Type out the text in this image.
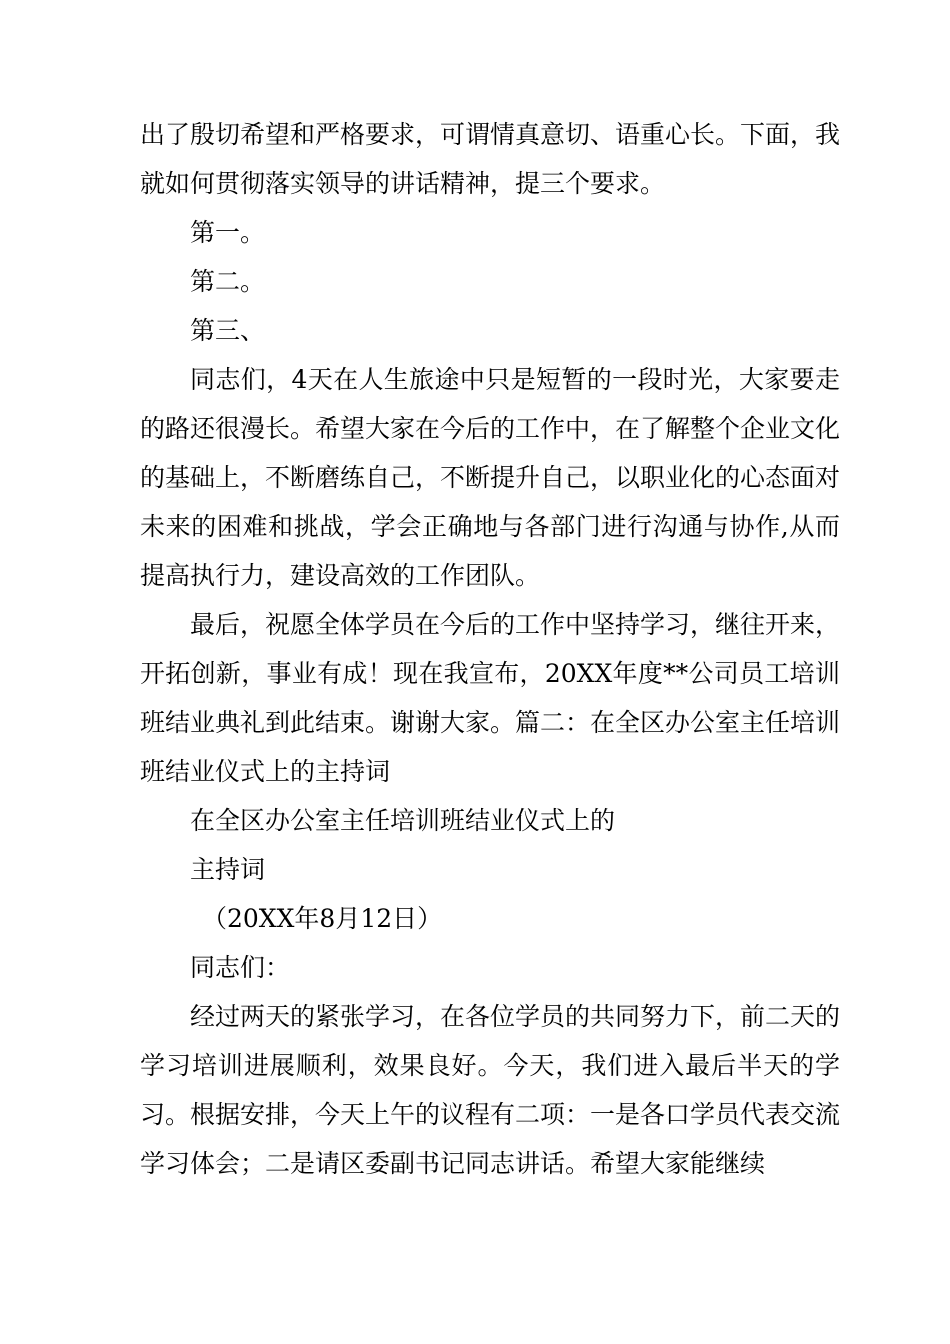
出了殷切希望和严格要求，可谓情真意切、语重心长。下面，我就如何贯彻落实领导的讲话精神，提三个要求。

第一。

第二。

第三、

同志们，4天在人生旅途中只是短暂的一段时光，大家要走的路还很漫长。希望大家在今后的工作中，在了解整个企业文化的基础上，不断磨练自己，不断提升自己，以职业化的心态面对未来的困难和挑战，学会正确地与各部门进行沟通与协作,从而提高执行力，建设高效的工作团队。

最后，祝愿全体学员在今后的工作中坚持学习，继往开来，开拓创新，事业有成！现在我宣布，20XX年度**公司员工培训班结业典礼到此结束。谢谢大家。篇二：在全区办公室主任培训班结业仪式上的主持词

在全区办公室主任培训班结业仪式上的

主持词

（20XX年8月12日）

同志们：

经过两天的紧张学习，在各位学员的共同努力下，前二天的学习培训进展顺利，效果良好。今天，我们进入最后半天的学习。根据安排，今天上午的议程有二项：一是各口学员代表交流学习体会；二是请区委副书记同志讲话。希望大家能继续
